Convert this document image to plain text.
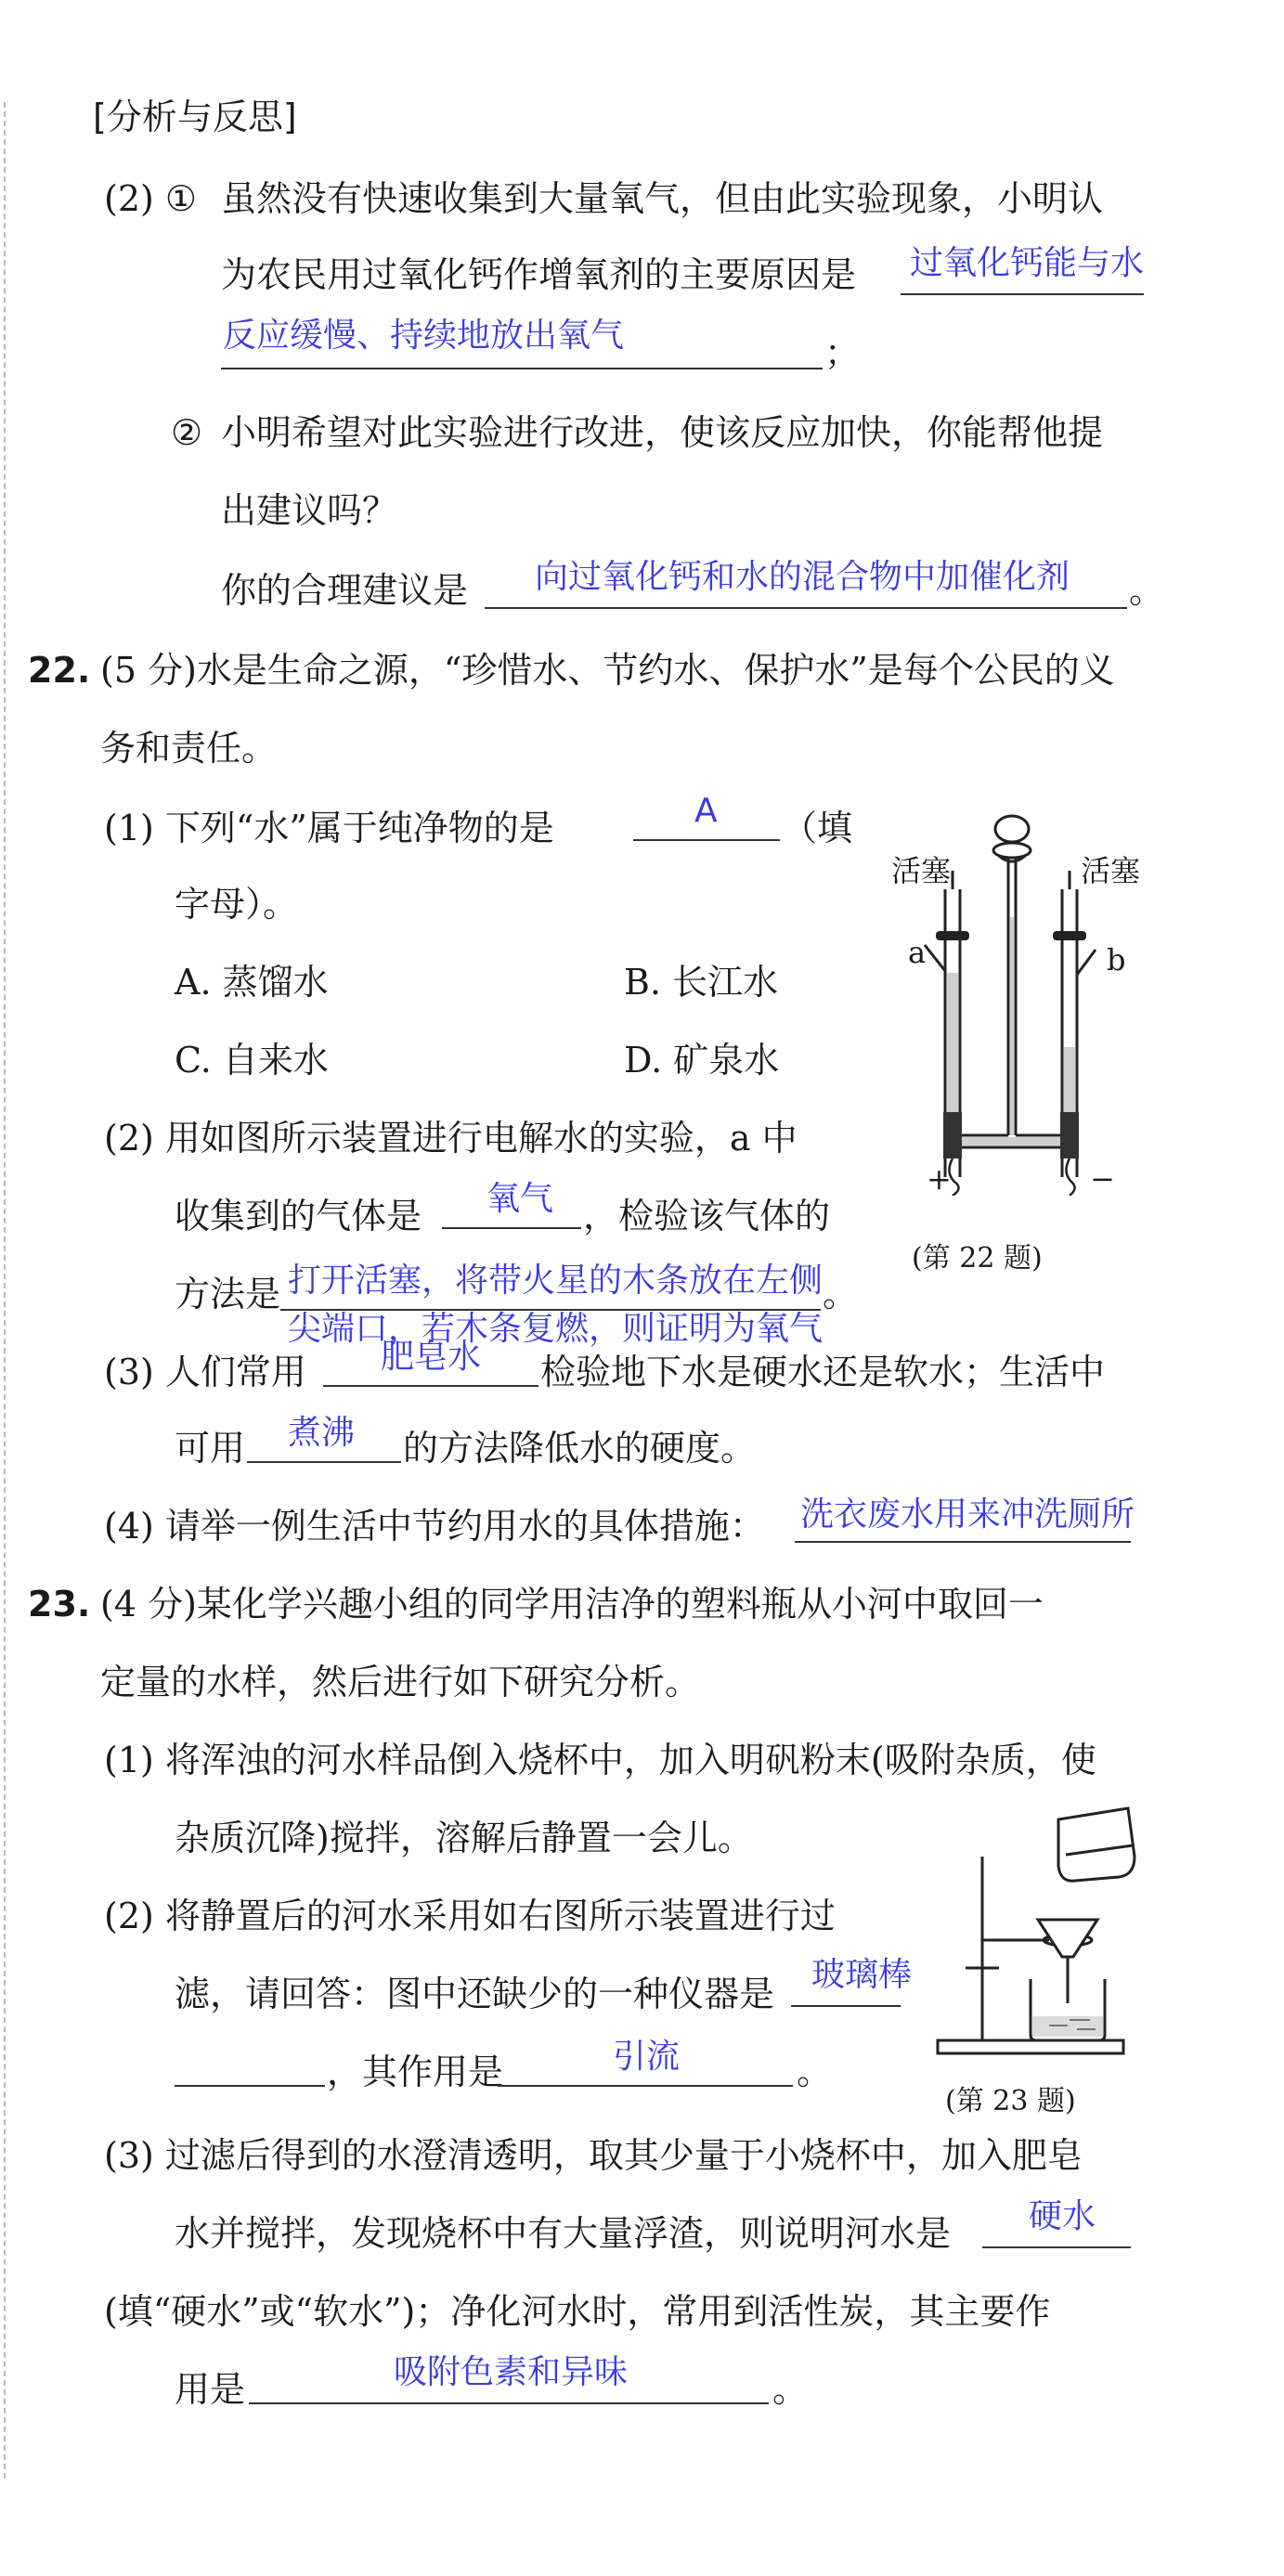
[分析与反思]
(2) ① 虽然没有快速收集到大量氧气，但由此实验现象，小明认
为农民用过氧化钙作增氧剂的主要原因是 过氧化钙能与水
反应缓慢、持续地放出氧气	；
② 小明希望对此实验进行改进，使该反应加快，你能帮他提
出建议吗？
你的合理建议是 向过氧化钙和水的混合物中加催化剂 。
22. (5 分)水是生命之源，“珍惜水、节约水、保护水”是每个公民的义
务和责任。
(1) 下列“水”属于纯净物的是	A （填
字母）。
A. 蒸馏水	B. 长江水
C. 自来水	D. 矿泉水
(2) 用如图所示装置进行电解水的实验，a 中
收集到的气体是 氧气 ，检验该气体的
方法是 打开活塞，将带火星的木条放在左侧 。
尖端口，若木条复燃，则证明为氧气
(3) 人们常用 肥皂水 检验地下水是硬水还是软水；生活中
可用 煮沸 的方法降低水的硬度。
(4) 请举一例生活中节约用水的具体措施： 洗衣废水用来冲洗厕所
活塞	活塞
a	b
+	−
(第 22 题)
23. (4 分)某化学兴趣小组的同学用洁净的塑料瓶从小河中取回一
定量的水样，然后进行如下研究分析。
(1) 将浑浊的河水样品倒入烧杯中，加入明矾粉末(吸附杂质，使
杂质沉降)搅拌，溶解后静置一会儿。
(2) 将静置后的河水采用如右图所示装置进行过
滤，请回答：图中还缺少的一种仪器是 玻璃棒
，其作用是	引流	。
(第 23 题)
(3) 过滤后得到的水澄清透明，取其少量于小烧杯中，加入肥皂
水并搅拌，发现烧杯中有大量浮渣，则说明河水是 硬水
(填“硬水”或“软水”)；净化河水时，常用到活性炭，其主要作
用是	吸附色素和异味	。
